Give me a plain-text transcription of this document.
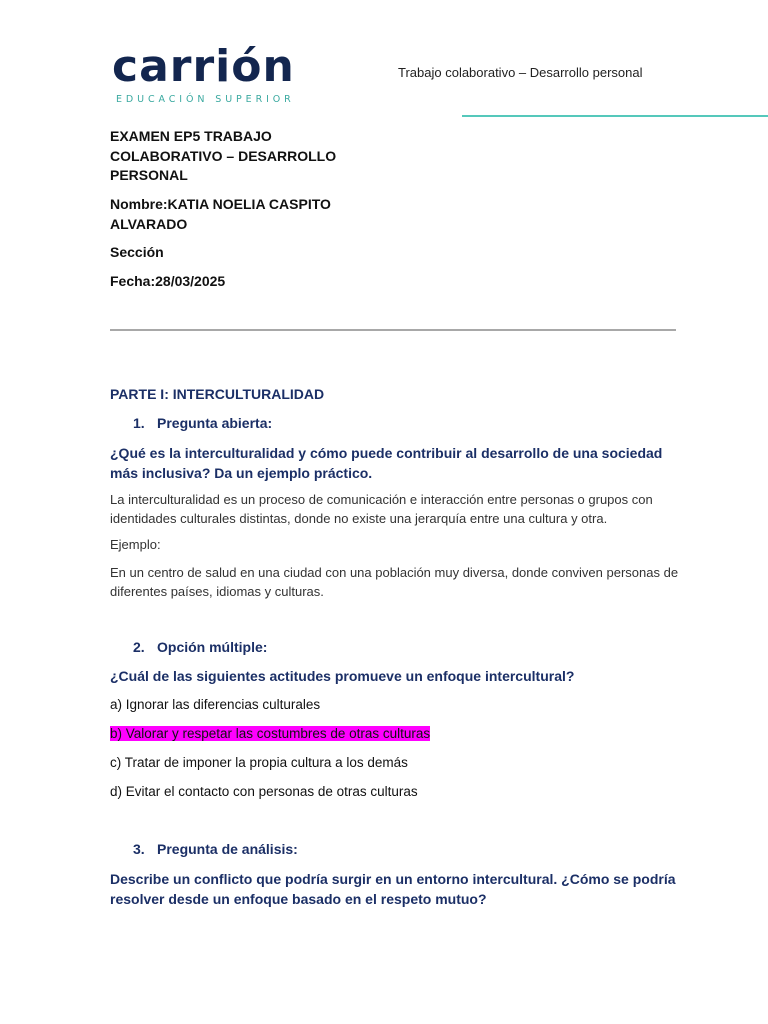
carrión
EDUCACIÓN SUPERIOR
Trabajo colaborativo – Desarrollo personal
EXAMEN EP5 TRABAJO COLABORATIVO – DESARROLLO PERSONAL
Nombre:KATIA NOELIA CASPITO ALVARADO
Sección
Fecha:28/03/2025
PARTE I: INTERCULTURALIDAD
1. Pregunta abierta:
¿Qué es la interculturalidad y cómo puede contribuir al desarrollo de una sociedad más inclusiva? Da un ejemplo práctico.
La interculturalidad es un proceso de comunicación e interacción entre personas o grupos con identidades culturales distintas, donde no existe una jerarquía entre una cultura y otra.
Ejemplo:
En un centro de salud en una ciudad con una población muy diversa, donde conviven personas de diferentes países, idiomas y culturas.
2. Opción múltiple:
¿Cuál de las siguientes actitudes promueve un enfoque intercultural?
a) Ignorar las diferencias culturales
b) Valorar y respetar las costumbres de otras culturas
c) Tratar de imponer la propia cultura a los demás
d) Evitar el contacto con personas de otras culturas
3. Pregunta de análisis:
Describe un conflicto que podría surgir en un entorno intercultural. ¿Cómo se podría resolver desde un enfoque basado en el respeto mutuo?
